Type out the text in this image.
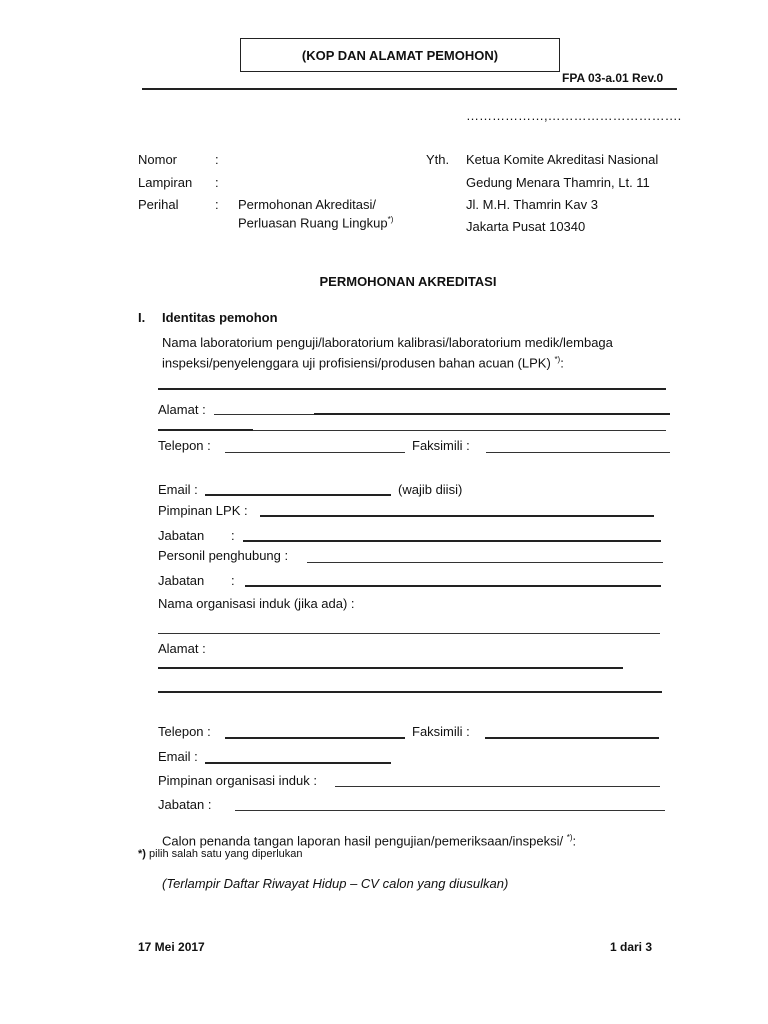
(KOP DAN ALAMAT PEMOHON)
FPA 03-a.01 Rev.0
………………,………………………….
Nomor	:
Lampiran :
Perihal	: Permohonan Akreditasi/
Perluasan Ruang Lingkup*)
Yth. Ketua Komite Akreditasi Nasional
Gedung Menara Thamrin, Lt. 11
Jl. M.H. Thamrin Kav 3
Jakarta Pusat 10340
PERMOHONAN AKREDITASI
I. Identitas pemohon
Nama laboratorium penguji/laboratorium kalibrasi/laboratorium medik/lembaga
inspeksi/penyelenggara uji profisiensi/produsen bahan acuan (LPK) *):
Alamat :
Telepon :	Faksimili :
Email :	(wajib diisi)
Pimpinan LPK :
Jabatan :
Personil penghubung :
Jabatan :
Nama organisasi induk (jika ada) :
Alamat :
Telepon :	Faksimili :
Email :
Pimpinan organisasi induk :
Jabatan :
Calon penanda tangan laporan hasil pengujian/pemeriksaan/inspeksi/ *):
*) pilih salah satu yang diperlukan
(Terlampir Daftar Riwayat Hidup – CV calon yang diusulkan)
17 Mei 2017	1 dari 3
